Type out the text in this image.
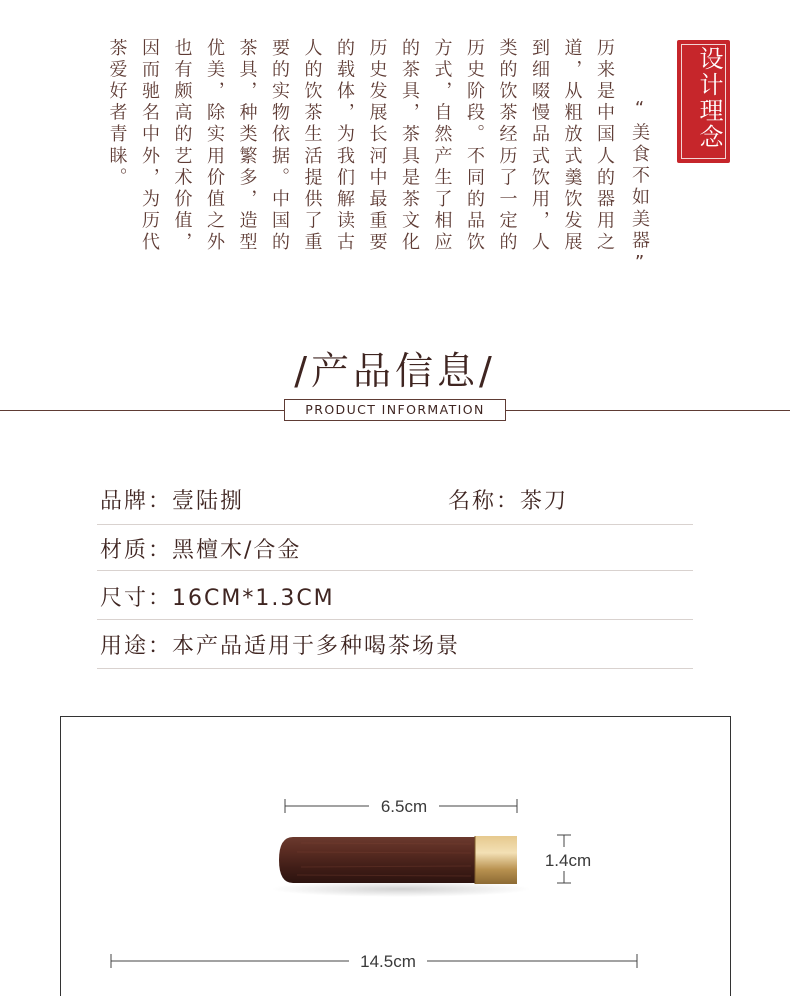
设计理念
“美食不如美器”
历来是中国人的器用之
道，从粗放式羹饮发展
到细啜慢品式饮用，人
类的饮茶经历了一定的
历史阶段。不同的品饮
方式，自然产生了相应
的茶具，茶具是茶文化
历史发展长河中最重要
的载体，为我们解读古
人的饮茶生活提供了重
要的实物依据。中国的
茶具，种类繁多，造型
优美，除实用价值之外
也有颇高的艺术价值，
因而驰名中外，为历代
茶爱好者青睐。
/产品信息/
PRODUCT INFORMATION
品牌：壹陆捌	名称：茶刀
材质：黑檀木/合金
尺寸：16CM*1.3CM
用途：本产品适用于多种喝茶场景
6.5cm
1.4cm
14.5cm
